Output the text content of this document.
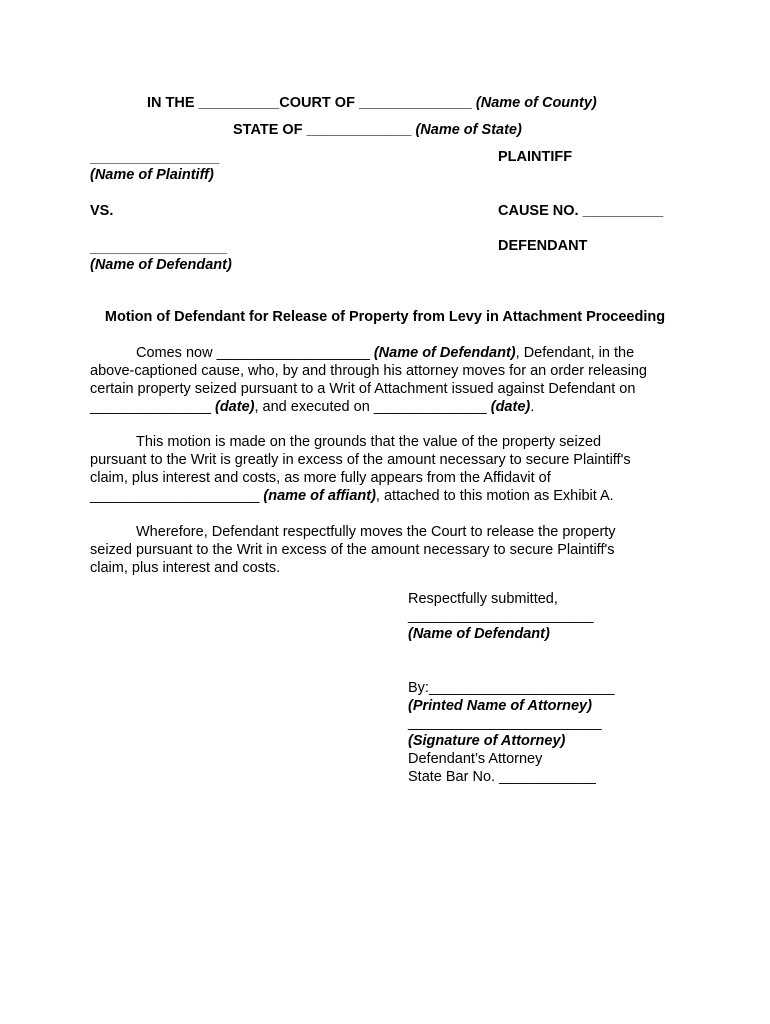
IN THE __________COURT OF ______________ (Name of County)
STATE OF _____________ (Name of State)
________________	PLAINTIFF
(Name of Plaintiff)
VS.	CAUSE NO. __________
_________________	DEFENDANT
(Name of Defendant)
Motion of Defendant for Release of Property from Levy in Attachment Proceeding
Comes now ___________________ (Name of Defendant), Defendant, in the
above-captioned cause, who, by and through his attorney moves for an order releasing
certain property seized pursuant to a Writ of Attachment issued against Defendant on
_______________ (date), and executed on ______________ (date).
This motion is made on the grounds that the value of the property seized
pursuant to the Writ is greatly in excess of the amount necessary to secure Plaintiff's
claim, plus interest and costs, as more fully appears from the Affidavit of
_____________________ (name of affiant), attached to this motion as Exhibit A.
Wherefore, Defendant respectfully moves the Court to release the property
seized pursuant to the Writ in excess of the amount necessary to secure Plaintiff's
claim, plus interest and costs.
Respectfully submitted,
_______________________
(Name of Defendant)
By:_______________________
(Printed Name of Attorney)
________________________
(Signature of Attorney)
Defendant’s Attorney
State Bar No. ____________
